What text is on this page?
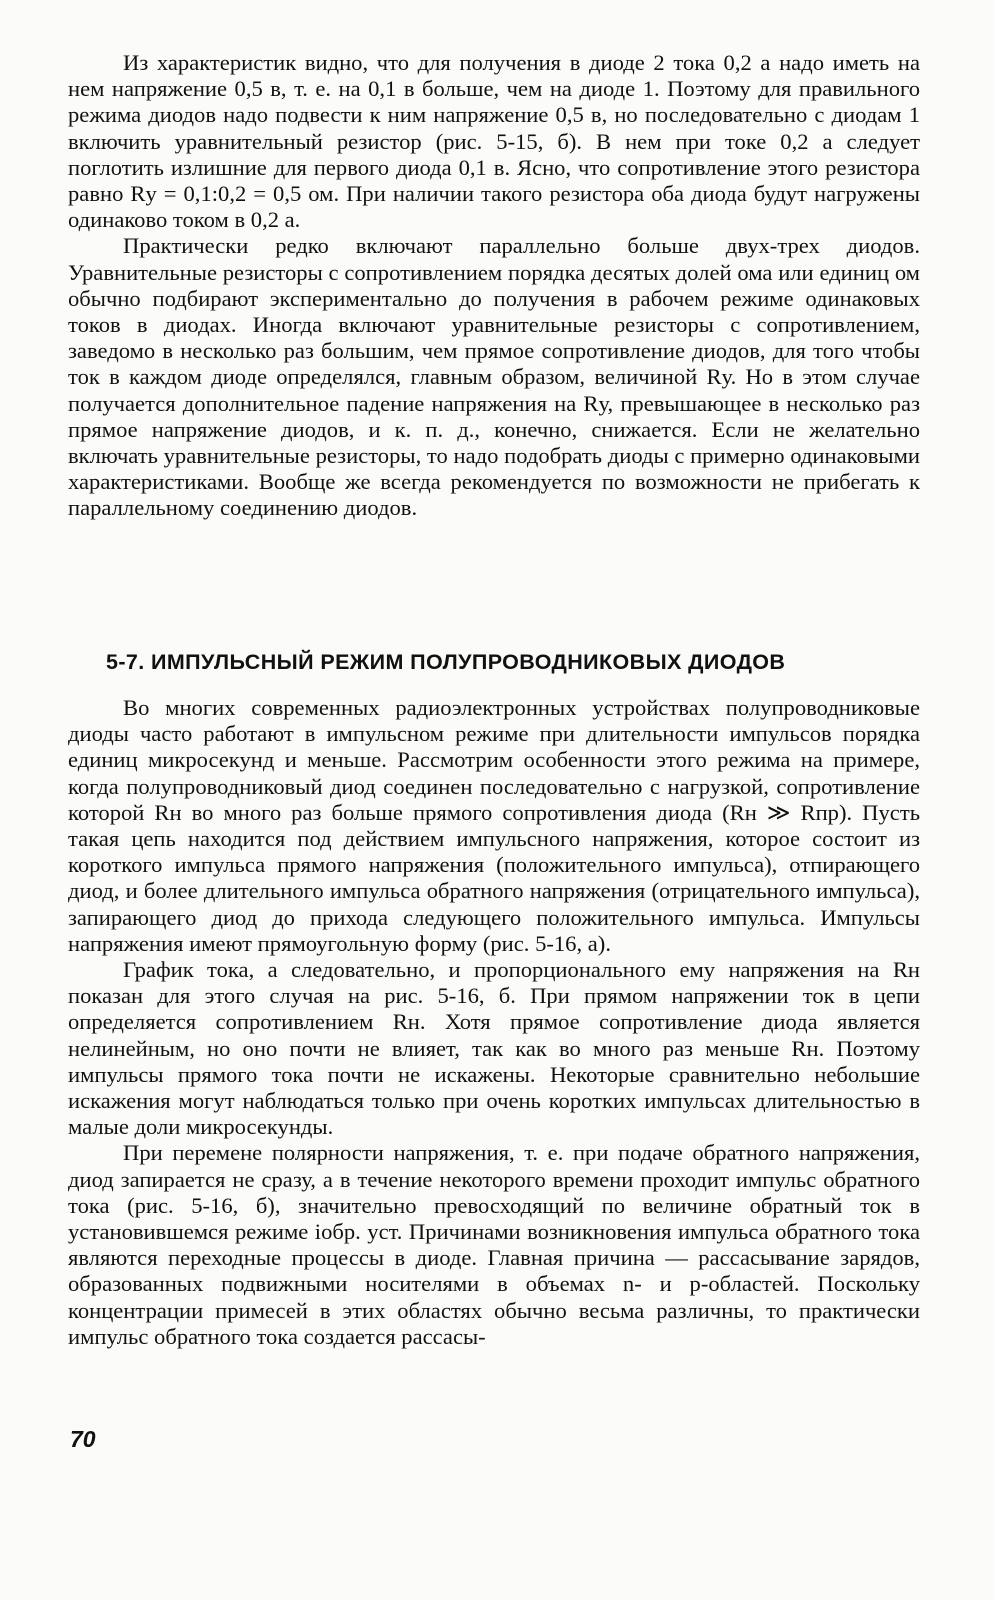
Из характеристик видно, что для получения в диоде 2 тока 0,2 а надо иметь на нем напряжение 0,5 в, т. е. на 0,1 в больше, чем на диоде 1. Поэтому для правильного режима диодов надо подвести к ним напряжение 0,5 в, но последовательно с диодам 1 включить уравнительный резистор (рис. 5-15, б). В нем при токе 0,2 а следует поглотить излишние для первого диода 0,1 в. Ясно, что сопротивление этого резистора равно Rу = 0,1:0,2 = 0,5 ом. При наличии такого резистора оба диода будут нагружены одинаково током в 0,2 а.

Практически редко включают параллельно больше двух-трех диодов. Уравнительные резисторы с сопротивлением порядка десятых долей ома или единиц ом обычно подбирают экспериментально до получения в рабочем режиме одинаковых токов в диодах. Иногда включают уравнительные резисторы с сопротивлением, заведомо в несколько раз большим, чем прямое сопротивление диодов, для того чтобы ток в каждом диоде определялся, главным образом, величиной Rу. Но в этом случае получается дополнительное падение напряжения на Rу, превышающее в несколько раз прямое напряжение диодов, и к. п. д., конечно, снижается. Если не желательно включать уравнительные резисторы, то надо подобрать диоды с примерно одинаковыми характеристиками. Вообще же всегда рекомендуется по возможности не прибегать к параллельному соединению диодов.

5-7. ИМПУЛЬСНЫЙ РЕЖИМ ПОЛУПРОВОДНИКОВЫХ ДИОДОВ

Во многих современных радиоэлектронных устройствах полупроводниковые диоды часто работают в импульсном режиме при длительности импульсов порядка единиц микросекунд и меньше. Рассмотрим особенности этого режима на примере, когда полупроводниковый диод соединен последовательно с нагрузкой, сопротивление которой Rн во много раз больше прямого сопротивления диода (Rн ≫ Rпр). Пусть такая цепь находится под действием импульсного напряжения, которое состоит из короткого импульса прямого напряжения (положительного импульса), отпирающего диод, и более длительного импульса обратного напряжения (отрицательного импульса), запирающего диод до прихода следующего положительного импульса. Импульсы напряжения имеют прямоугольную форму (рис. 5-16, а).

График тока, а следовательно, и пропорционального ему напряжения на Rн показан для этого случая на рис. 5-16, б. При прямом напряжении ток в цепи определяется сопротивлением Rн. Хотя прямое сопротивление диода является нелинейным, но оно почти не влияет, так как во много раз меньше Rн. Поэтому импульсы прямого тока почти не искажены. Некоторые сравнительно небольшие искажения могут наблюдаться только при очень коротких импульсах длительностью в малые доли микросекунды.

При перемене полярности напряжения, т. е. при подаче обратного напряжения, диод запирается не сразу, а в течение некоторого времени проходит импульс обратного тока (рис. 5-16, б), значительно превосходящий по величине обратный ток в установившемся режиме iобр. уст. Причинами возникновения импульса обратного тока являются переходные процессы в диоде. Главная причина — рассасывание зарядов, образованных подвижными носителями в объемах n- и p-областей. Поскольку концентрации примесей в этих областях обычно весьма различны, то практически импульс обратного тока создается рассасы-

70
